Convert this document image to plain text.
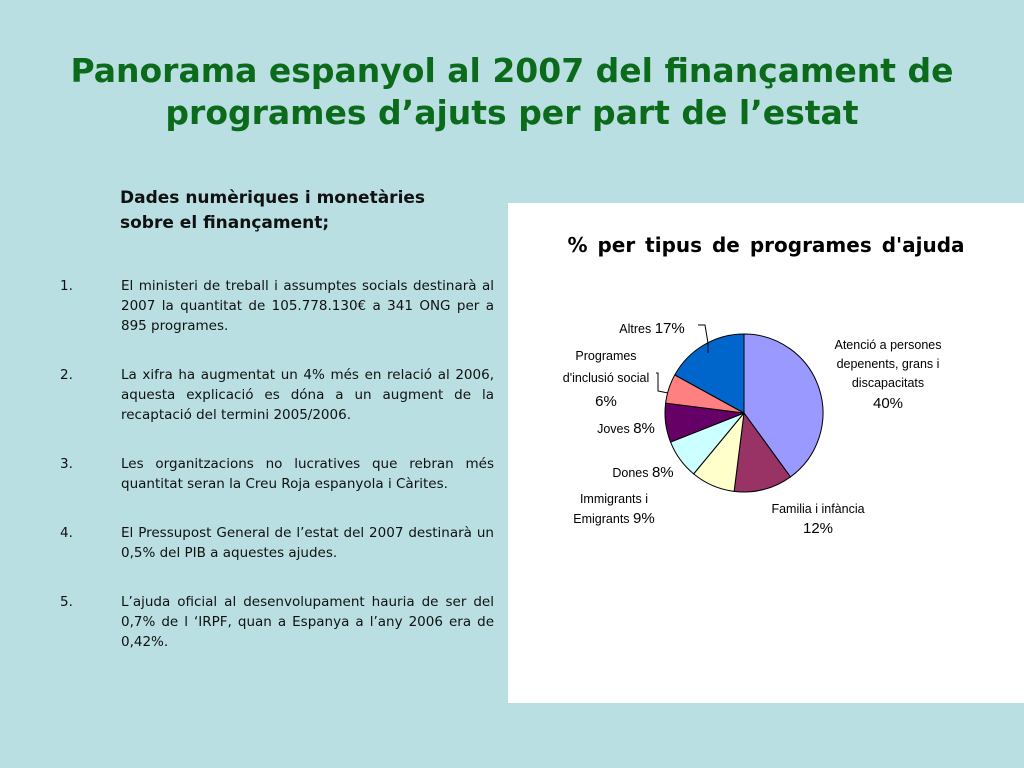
Panorama espanyol al 2007 del finançament de
programes d’ajuts per part de l’estat
Dades numèriques i monetàries
sobre el finançament;
1.	El ministeri de treball i assumptes socials destinarà al 2007 la quantitat de 105.778.130€ a 341 ONG per a 895 programes.
2.	La xifra ha augmentat un 4% més en relació al 2006, aquesta explicació es dóna a un augment de la recaptació del termini 2005/2006.
3.	Les organitzacions no lucratives que rebran més quantitat seran la Creu Roja espanyola i Càrites.
4.	El Pressupost General de l’estat del 2007 destinarà un 0,5% del PIB a aquestes ajudes.
5.	L’ajuda oficial al desenvolupament hauria de ser del 0,7% de l ‘IRPF, quan a Espanya a l’any 2006 era de 0,42%.
% per tipus de programes d'ajuda
Atenció a persones depenents, grans i discapacitats 40%
Familia i infància 12%
Immigrants i Emigrants 9%
Dones 8%
Joves 8%
Programes d'inclusió social 6%
Altres 17%
